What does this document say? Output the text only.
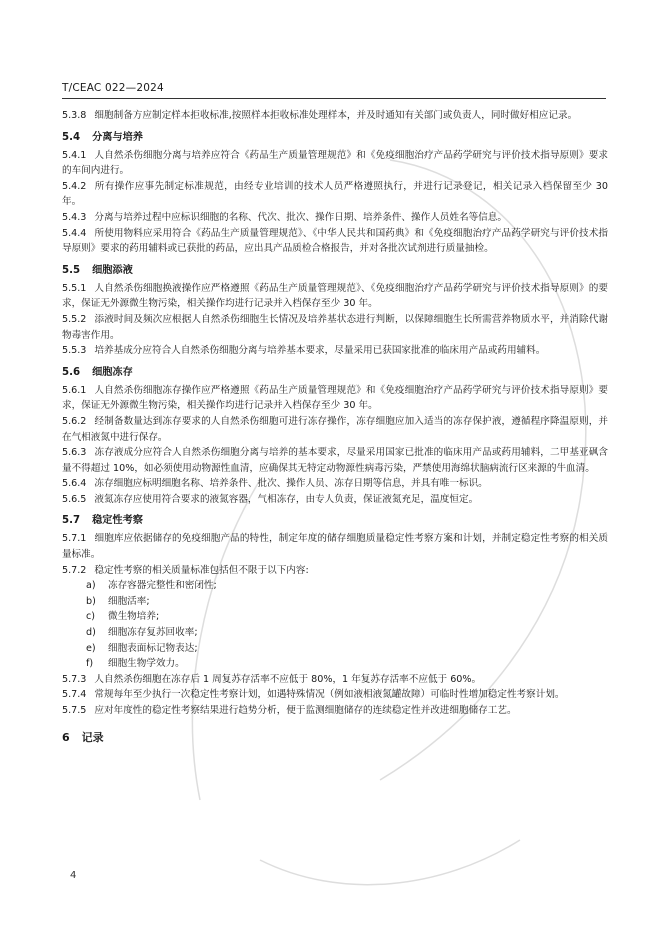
T/CEAC 022—2024

5.3.8 细胞制备方应制定样本拒收标准,按照样本拒收标准处理样本，并及时通知有关部门或负责人，同时做好相应记录。

5.4 分离与培养

5.4.1 人自然杀伤细胞分离与培养应符合《药品生产质量管理规范》和《免疫细胞治疗产品药学研究与评价技术指导原则》要求的车间内进行。

5.4.2 所有操作应事先制定标准规范，由经专业培训的技术人员严格遵照执行，并进行记录登记，相关记录入档保留至少 30 年。

5.4.3 分离与培养过程中应标识细胞的名称、代次、批次、操作日期、培养条件、操作人员姓名等信息。

5.4.4 所使用物料应采用符合《药品生产质量管理规范》、《中华人民共和国药典》和《免疫细胞治疗产品药学研究与评价技术指导原则》要求的药用辅料或已获批的药品，应出具产品质检合格报告，并对各批次试剂进行质量抽检。

5.5 细胞添液

5.5.1 人自然杀伤细胞换液操作应严格遵照《药品生产质量管理规范》、《免疫细胞治疗产品药学研究与评价技术指导原则》的要求，保证无外源微生物污染，相关操作均进行记录并入档保存至少 30 年。

5.5.2 添液时间及频次应根据人自然杀伤细胞生长情况及培养基状态进行判断，以保障细胞生长所需营养物质水平，并消除代谢物毒害作用。

5.5.3 培养基成分应符合人自然杀伤细胞分离与培养基本要求，尽量采用已获国家批准的临床用产品或药用辅料。

5.6 细胞冻存

5.6.1 人自然杀伤细胞冻存操作应严格遵照《药品生产质量管理规范》和《免疫细胞治疗产品药学研究与评价技术指导原则》要求，保证无外源微生物污染，相关操作均进行记录并入档保存至少 30 年。

5.6.2 经制备数量达到冻存要求的人自然杀伤细胞可进行冻存操作，冻存细胞应加入适当的冻存保护液，遵循程序降温原则，并在气相液氮中进行保存。

5.6.3 冻存液成分应符合人自然杀伤细胞分离与培养的基本要求，尽量采用国家已批准的临床用产品或药用辅料，二甲基亚砜含量不得超过 10%，如必须使用动物源性血清，应确保其无特定动物源性病毒污染，严禁使用海绵状脑病流行区来源的牛血清。

5.6.4 冻存细胞应标明细胞名称、培养条件、批次、操作人员、冻存日期等信息，并具有唯一标识。

5.6.5 液氮冻存应使用符合要求的液氮容器，气相冻存，由专人负责，保证液氮充足，温度恒定。

5.7 稳定性考察

5.7.1 细胞库应依据储存的免疫细胞产品的特性，制定年度的储存细胞质量稳定性考察方案和计划，并制定稳定性考察的相关质量标准。

5.7.2 稳定性考察的相关质量标准包括但不限于以下内容:

a) 冻存容器完整性和密闭性;
b) 细胞活率;
c) 微生物培养;
d) 细胞冻存复苏回收率;
e) 细胞表面标记物表达;
f) 细胞生物学效力。

5.7.3 人自然杀伤细胞在冻存后 1 周复苏存活率不应低于 80%，1 年复苏存活率不应低于 60%。

5.7.4 常规每年至少执行一次稳定性考察计划，如遇特殊情况（例如液相液氮罐故障）可临时性增加稳定性考察计划。

5.7.5 应对年度性的稳定性考察结果进行趋势分析，便于监测细胞储存的连续稳定性并改进细胞储存工艺。

6 记录
4
